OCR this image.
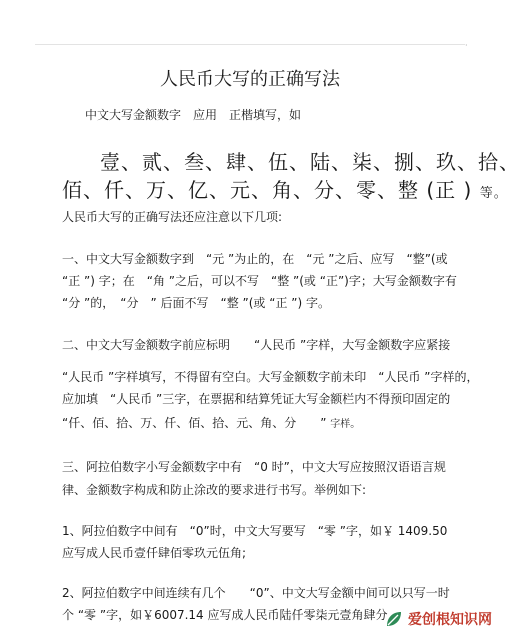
·
人民币大写的正确写法
中文大写金额数字　应用　正楷填写，如
壹、贰、叁、肆、伍、陆、柒、捌、玖、拾、
佰、仟、万、亿、元、角、分、零、整 (正 ) 等。
人民币大写的正确写法还应注意以下几项:
一、中文大写金额数字到　“元 ”为止的，在　“元 ”之后、应写　“整”(或
“正 ”) 字；在　“角 ”之后，可以不写　“整 ”(或 “正”)字；大写金额数字有
“分 ”的，　“分　” 后面不写　“整 ”(或 “正 ”) 字。
二、中文大写金额数字前应标明　　“人民币 ”字样，大写金额数字应紧接
“人民币 ”字样填写，不得留有空白。大写金额数字前未印　“人民币 ”字样的，
应加填　“人民币 ”三字，在票据和结算凭证大写金额栏内不得预印固定的
“仟、佰、拾、万、仟、佰、拾、元、角、分　　” 字样。
三、阿拉伯数字小写金额数字中有　“0 时”，中文大写应按照汉语语言规
律、金额数字构成和防止涂改的要求进行书写。举例如下:
1、阿拉伯数字中间有　“0”时，中文大写要写　“零 ”字，如￥ 1409.50
应写成人民币壹仟肆佰零玖元伍角;
2、阿拉伯数字中间连续有几个　　“0”、中文大写金额中间可以只写一时
个 “零 ”字，如￥6007.14 应写成人民币陆仟零柒元壹角肆分 爱创根知识网
